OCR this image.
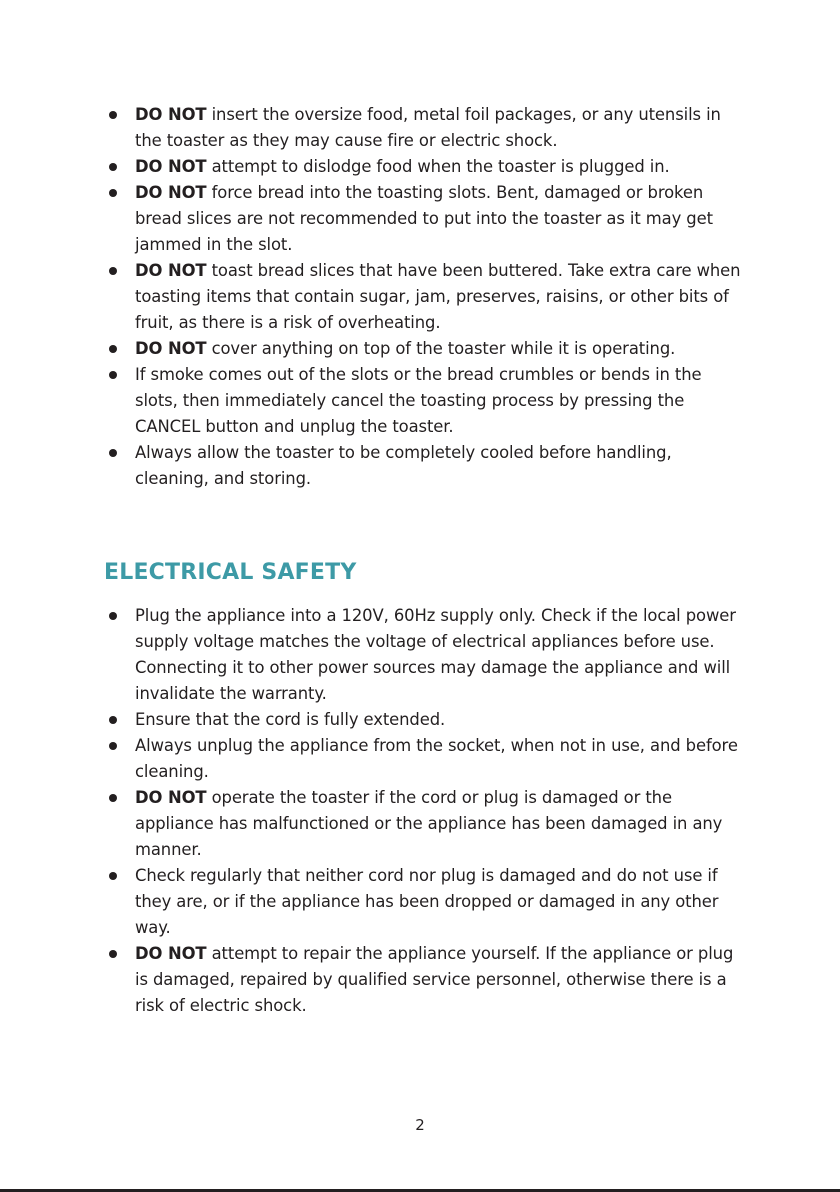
DO NOT insert the oversize food, metal foil packages, or any utensils in the toaster as they may cause fire or electric shock.
DO NOT attempt to dislodge food when the toaster is plugged in.
DO NOT force bread into the toasting slots. Bent, damaged or broken bread slices are not recommended to put into the toaster as it may get jammed in the slot.
DO NOT toast bread slices that have been buttered. Take extra care when toasting items that contain sugar, jam, preserves, raisins, or other bits of fruit, as there is a risk of overheating.
DO NOT cover anything on top of the toaster while it is operating.
If smoke comes out of the slots or the bread crumbles or bends in the slots, then immediately cancel the toasting process by pressing the CANCEL button and unplug the toaster.
Always allow the toaster to be completely cooled before handling, cleaning, and storing.
ELECTRICAL SAFETY
Plug the appliance into a 120V, 60Hz supply only. Check if the local power supply voltage matches the voltage of electrical appliances before use. Connecting it to other power sources may damage the appliance and will invalidate the warranty.
Ensure that the cord is fully extended.
Always unplug the appliance from the socket, when not in use, and before cleaning.
DO NOT operate the toaster if the cord or plug is damaged or the appliance has malfunctioned or the appliance has been damaged in any manner.
Check regularly that neither cord nor plug is damaged and do not use if they are, or if the appliance has been dropped or damaged in any other way.
DO NOT attempt to repair the appliance yourself. If the appliance or plug is damaged, repaired by qualified service personnel, otherwise there is a risk of electric shock.
2
